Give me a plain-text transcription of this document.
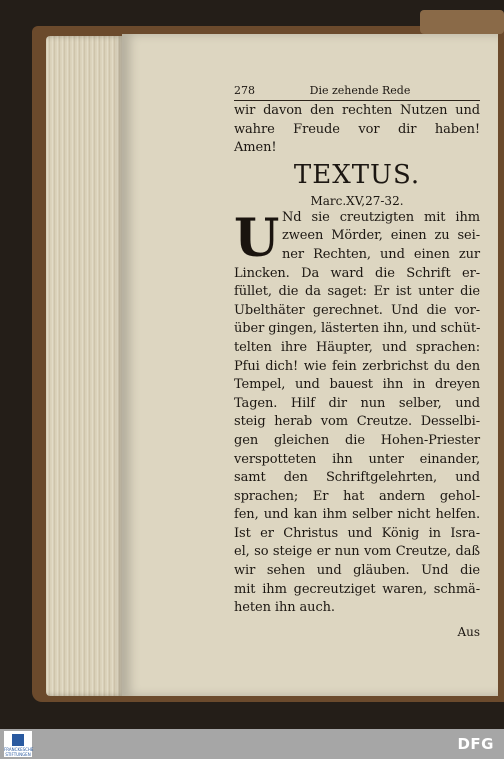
278	Die zehende Rede
wir davon den rechten Nutzen und
wahre Freude vor dir haben!
Amen!
TEXTUS.
Marc.XV,27-32.
U Nd sie creutzigten mit ihm
zween Mörder, einen zu sei-
ner Rechten, und einen zur
Lincken. Da ward die Schrift er-
füllet, die da saget: Er ist unter die
Ubelthäter gerechnet. Und die vor-
über gingen, lästerten ihn, und schüt-
telten ihre Häupter, und sprachen:
Pfui dich! wie fein zerbrichst du den
Tempel, und bauest ihn in dreyen
Tagen. Hilf dir nun selber, und
steig herab vom Creutze. Desselbi-
gen gleichen die Hohen-Priester
verspotteten ihn unter einander,
samt den Schriftgelehrten, und
sprachen; Er hat andern gehol-
fen, und kan ihm selber nicht helfen.
Ist er Christus und König in Isra-
el, so steige er nun vom Creutze, daß
wir sehen und gläuben. Und die
mit ihm gecreutziget waren, schmä-
heten ihn auch.
Aus
FRANCKESCHE STIFTUNGEN
DFG
